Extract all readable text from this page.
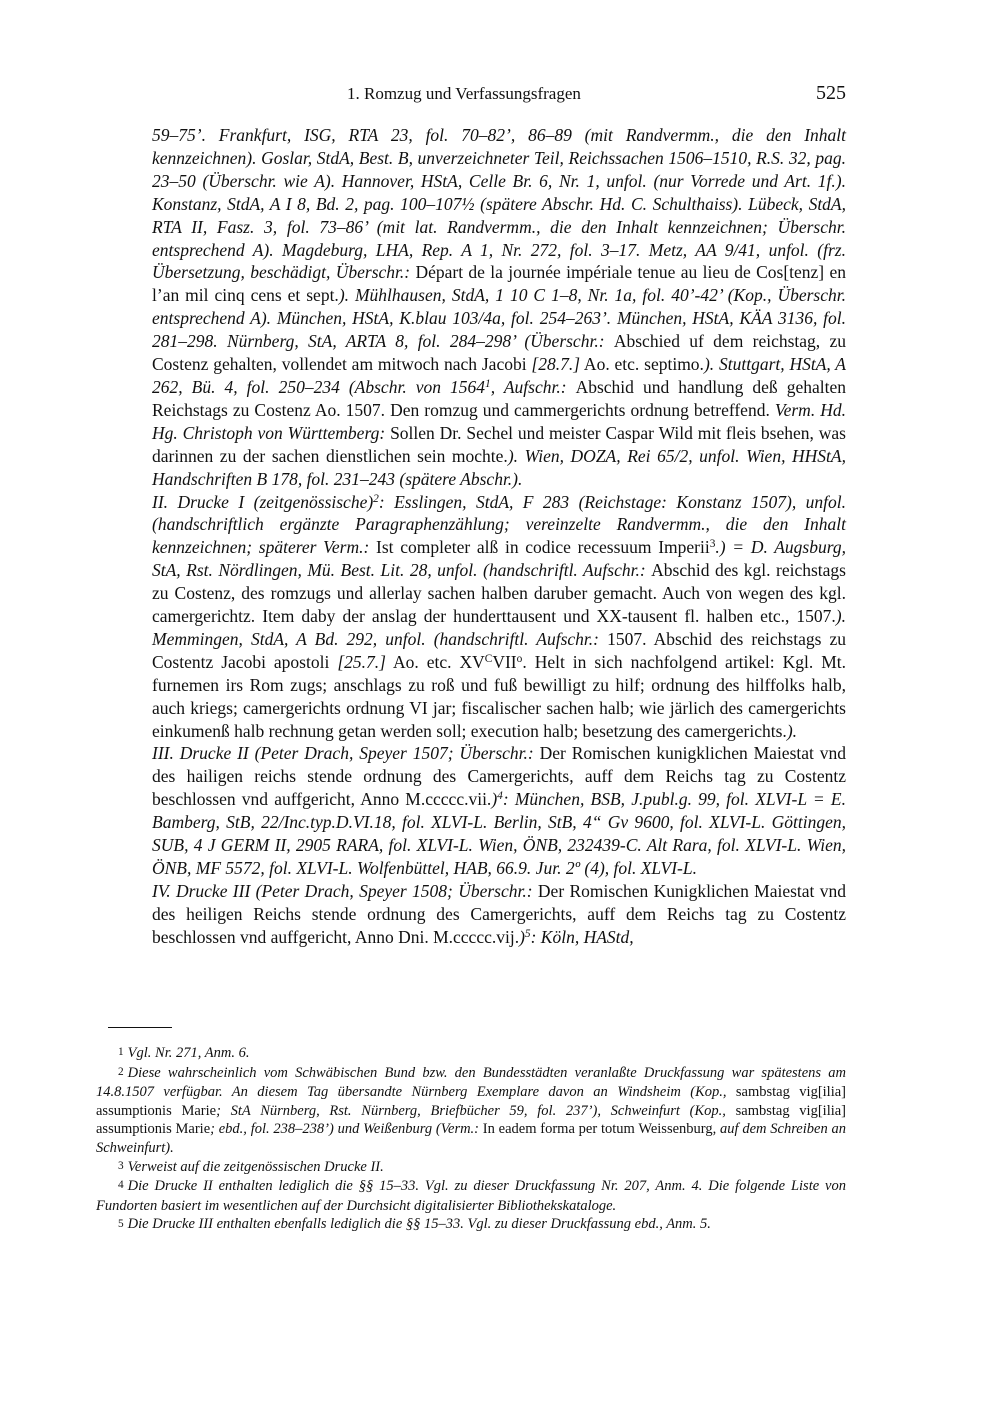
1. Romzug und Verfassungsfragen	525

59–75’. Frankfurt, ISG, RTA 23, fol. 70–82’, 86–89 (mit Randvermm., die den Inhalt kennzeichnen). Goslar, StdA, Best. B, unverzeichneter Teil, Reichssachen 1506–1510, R.S. 32, pag. 23–50 (Überschr. wie A). Hannover, HStA, Celle Br. 6, Nr. 1, unfol. (nur Vorrede und Art. 1f.). Konstanz, StdA, A I 8, Bd. 2, pag. 100–107½ (spätere Abschr. Hd. C. Schulthaiss). Lübeck, StdA, RTA II, Fasz. 3, fol. 73–86’ (mit lat. Randvermm., die den Inhalt kennzeichnen; Überschr. entsprechend A). Magdeburg, LHA, Rep. A 1, Nr. 272, fol. 3–17. Metz, AA 9/41, unfol. (frz. Übersetzung, beschädigt, Überschr.: Départ de la journée impériale tenue au lieu de Cos[tenz] en l’an mil cinq cens et sept.). Mühlhausen, StdA, 1 10 C 1–8, Nr. 1a, fol. 40’-42’ (Kop., Überschr. entsprechend A). München, HStA, K.blau 103/4a, fol. 254–263’. München, HStA, KÄA 3136, fol. 281–298. Nürnberg, StA, ARTA 8, fol. 284–298’ (Überschr.: Abschied uf dem reichstag, zu Costenz gehalten, vollendet am mitwoch nach Jacobi [28.7.] Ao. etc. septimo.). Stuttgart, HStA, A 262, Bü. 4, fol. 250–234 (Abschr. von 1564$^1$, Aufschr.: Abschid und handlung deß gehalten Reichstags zu Costenz Ao. 1507. Den romzug und cammergerichts ordnung betreffend. Verm. Hd. Hg. Christoph von Württemberg: Sollen Dr. Sechel und meister Caspar Wild mit fleis bsehen, was darinnen zu der sachen dienstlichen sein mochte.). Wien, DOZA, Rei 65/2, unfol. Wien, HHStA, Handschriften B 178, fol. 231–243 (spätere Abschr.).

II. Drucke I (zeitgenössische)$^2$: Esslingen, StdA, F 283 (Reichstage: Konstanz 1507), unfol. (handschriftlich ergänzte Paragraphenzählung; vereinzelte Randvermm., die den Inhalt kennzeichnen; späterer Verm.: Ist completer alß in codice recessuum Imperii$^3$.) = D. Augsburg, StA, Rst. Nördlingen, Mü. Best. Lit. 28, unfol. (handschriftl. Aufschr.: Abschid des kgl. reichstags zu Costenz, des romzugs und allerlay sachen halben daruber gemacht. Auch von wegen des kgl. camergerichtz. Item daby der anslag der hunderttausent und XX-tausent fl. halben etc., 1507.). Memmingen, StdA, A Bd. 292, unfol. (handschriftl. Aufschr.: 1507. Abschid des reichstags zu Costentz Jacobi apostoli [25.7.] Ao. etc. $XV^CVII^o$. Helt in sich nachfolgend artikel: Kgl. Mt. furnemen irs Rom zugs; anschlags zu roß und fuß bewilligt zu hilf; ordnung des hilffolks halb, auch kriegs; camergerichts ordnung VI jar; fiscalischer sachen halb; wie järlich des camergerichts einkumenß halb rechnung getan werden soll; execution halb; besetzung des camergerichts.).

III. Drucke II (Peter Drach, Speyer 1507; Überschr.: Der Romischen kunigklichen Maiestat vnd des hailigen reichs stende ordnung des Camergerichts, auff dem Reichs tag zu Costentz beschlossen vnd auffgericht, Anno M.ccccc.vii.)$^4$: München, BSB, J.publ.g. 99, fol. XLVI-L = E. Bamberg, StB, 22/Inc.typ.D.VI.18, fol. XLVI-L. Berlin, StB, 4“ Gv 9600, fol. XLVI-L. Göttingen, SUB, 4 J GERM II, 2905 RARA, fol. XLVI-L. Wien, ÖNB, 232439-C. Alt Rara, fol. XLVI-L. Wien, ÖNB, MF 5572, fol. XLVI-L. Wolfenbüttel, HAB, 66.9. Jur. 2º (4), fol. XLVI-L.

IV. Drucke III (Peter Drach, Speyer 1508; Überschr.: Der Romischen Kunigklichen Maiestat vnd des heiligen Reichs stende ordnung des Camergerichts, auff dem Reichs tag zu Costentz beschlossen vnd auffgericht, Anno Dni. M.ccccc.vij.)$^5$: Köln, HAStd,

1 Vgl. Nr. 271, Anm. 6.

2 Diese wahrscheinlich vom Schwäbischen Bund bzw. den Bundesstädten veranlaßte Druckfassung war spätestens am 14.8.1507 verfügbar. An diesem Tag übersandte Nürnberg Exemplare davon an Windsheim (Kop., sambstag vig[ilia] assumptionis Marie; StA Nürnberg, Rst. Nürnberg, Briefbücher 59, fol. 237’), Schweinfurt (Kop., sambstag vig[ilia] assumptionis Marie; ebd., fol. 238–238’) und Weißenburg (Verm.: In eadem forma per totum Weissenburg, auf dem Schreiben an Schweinfurt).

3 Verweist auf die zeitgenössischen Drucke II.

4 Die Drucke II enthalten lediglich die §§ 15–33. Vgl. zu dieser Druckfassung Nr. 207, Anm. 4. Die folgende Liste von Fundorten basiert im wesentlichen auf der Durchsicht digitalisierter Bibliothekskataloge.

5 Die Drucke III enthalten ebenfalls lediglich die §§ 15–33. Vgl. zu dieser Druckfassung ebd., Anm. 5.
